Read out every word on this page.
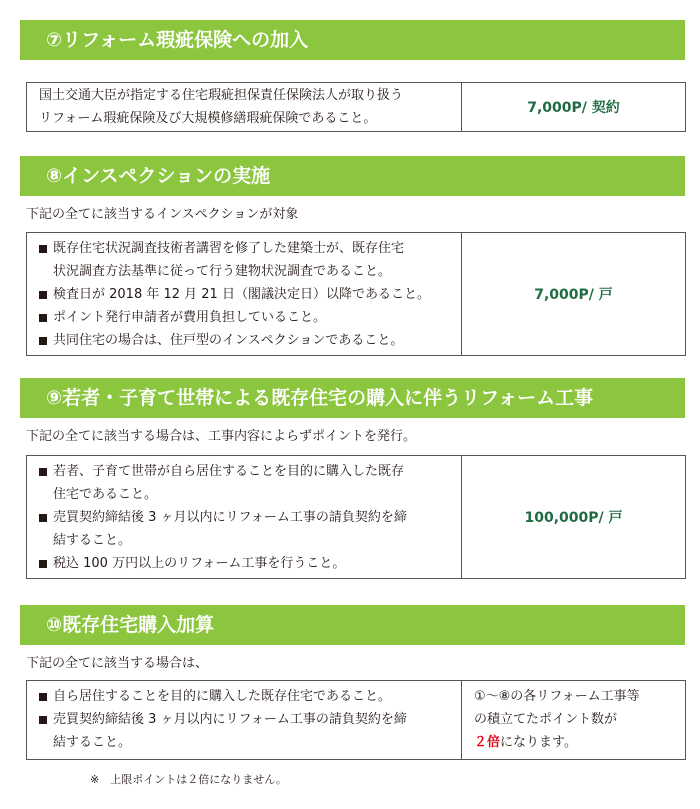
⑦リフォーム瑕疵保険への加入
国土交通大臣が指定する住宅瑕疵担保責任保険法人が取り扱う
リフォーム瑕疵保険及び大規模修繕瑕疵保険であること。
7,000P/ 契約
⑧インスペクションの実施
下記の全てに該当するインスペクションが対象
既存住宅状況調査技術者講習を修了した建築士が、既存住宅
状況調査方法基準に従って行う建物状況調査であること。
検査日が 2018 年 12 月 21 日（閣議決定日）以降であること。
ポイント発行申請者が費用負担していること。
共同住宅の場合は、住戸型のインスペクションであること。
7,000P/ 戸
⑨若者・子育て世帯による既存住宅の購入に伴うリフォーム工事
下記の全てに該当する場合は、工事内容によらずポイントを発行。
若者、子育て世帯が自ら居住することを目的に購入した既存
住宅であること。
売買契約締結後 3 ヶ月以内にリフォーム工事の請負契約を締
結すること。
税込 100 万円以上のリフォーム工事を行うこと。
100,000P/ 戸
⑩既存住宅購入加算
下記の全てに該当する場合は、
自ら居住することを目的に購入した既存住宅であること。
売買契約締結後 3 ヶ月以内にリフォーム工事の請負契約を締
結すること。
①～⑧の各リフォーム工事等
の積立てたポイント数が
２倍になります。
※　上限ポイントは２倍になりません。
